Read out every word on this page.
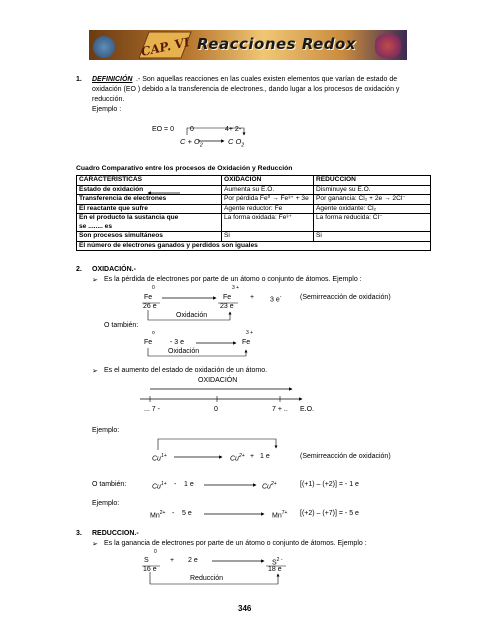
CAP. VI Reacciones Redox
1. DEFINICIÓN .- Son aquellas reacciones en las cuales existen elementos que varían de estado de
oxidación (EO ) debido a la transferencia de electrones., dando lugar a los procesos de oxidación y
reducción.
Ejemplo :
EO = 0 0	4+ 2-
$C + O_2$	C $O_2$
Cuadro Comparativo entre los procesos de Oxidación y Reducción
CARACTERÍSTICAS	OXIDACIÓN	REDUCCIÓN
Estado de oxidación	Aumenta su E.O.	Disminuye su E.O.
Transferencia de electrones	Por pérdida Fe⁰ → Fe³⁺ + 3e	Por ganancia: Cl₂ + 2e → 2Cl⁻
El reactante que sufre	Agente reductor: Fe	Agente oxidante: Cl₂
En el producto la sustancia que	La forma oxidada: Fe³⁺	La forma reducida: Cl⁻
se ........ es		
Son procesos simultáneos	Si	Si
El número de electrones ganados y perdidos son iguales		
2. OXIDACIÓN.-
➢ Es la pérdida de electrones por parte de un átomo o conjunto de átomos. Ejemplo :
0	3 +
Fe	Fe	+ 3 e-	(Semirreacción de oxidación)
26 e	23 e
Oxidación
O también:
o	3 +
Fe	- 3 e	Fe
Oxidación
➢ Es el aumento del estado de oxidación de un átomo.
OXIDACIÓN
... 7 -	0	7 + .. E.O.
Ejemplo:
$Cu^{1+}$	$Cu^{2+} + 1$ e	(Semirreacción de oxidación)
O también:	$Cu^{1+} - 1$ e	$Cu^{2+}$	[(+1) – (+2)] = - 1 e
Ejemplo:
$Mn^{2+} - 5$ e	$Mn^{7+}$ [(+2) – (+7)] = - 5 e
3. REDUCCION.-
➢ Es la ganancia de electrones por parte de un átomo o conjunto de átomos. Ejemplo :
0
S	+ 2 e	$S^{2 -}$
16 e	18 e
Reducción
346
